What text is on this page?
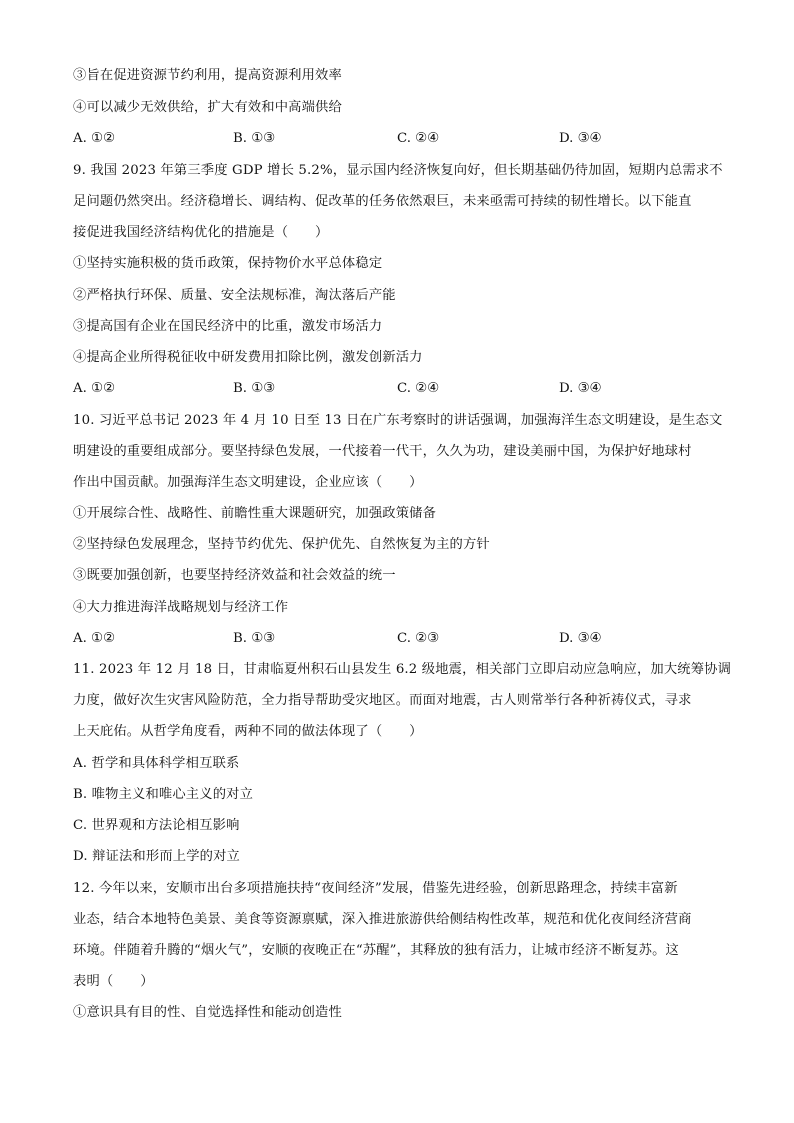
③旨在促进资源节约利用，提高资源利用效率
④可以减少无效供给，扩大有效和中高端供给
A. ①②	B. ①③	C. ②④	D. ③④
9. 我国 2023 年第三季度 GDP 增长 5.2%，显示国内经济恢复向好，但长期基础仍待加固，短期内总需求不
足问题仍然突出。经济稳增长、调结构、促改革的任务依然艰巨，未来亟需可持续的韧性增长。以下能直
接促进我国经济结构优化的措施是（　　）
①坚持实施积极的货币政策，保持物价水平总体稳定
②严格执行环保、质量、安全法规标准，淘汰落后产能
③提高国有企业在国民经济中的比重，激发市场活力
④提高企业所得税征收中研发费用扣除比例，激发创新活力
A. ①②	B. ①③	C. ②④	D. ③④
10. 习近平总书记 2023 年 4 月 10 日至 13 日在广东考察时的讲话强调，加强海洋生态文明建设，是生态文
明建设的重要组成部分。要坚持绿色发展，一代接着一代干，久久为功，建设美丽中国，为保护好地球村
作出中国贡献。加强海洋生态文明建设，企业应该（　　）
①开展综合性、战略性、前瞻性重大课题研究，加强政策储备
②坚持绿色发展理念，坚持节约优先、保护优先、自然恢复为主的方针
③既要加强创新，也要坚持经济效益和社会效益的统一
④大力推进海洋战略规划与经济工作
A. ①②	B. ①③	C. ②③	D. ③④
11. 2023 年 12 月 18 日，甘肃临夏州积石山县发生 6.2 级地震，相关部门立即启动应急响应，加大统筹协调
力度，做好次生灾害风险防范，全力指导帮助受灾地区。而面对地震，古人则常举行各种祈祷仪式，寻求
上天庇佑。从哲学角度看，两种不同的做法体现了（　　）
A. 哲学和具体科学相互联系
B. 唯物主义和唯心主义的对立
C. 世界观和方法论相互影响
D. 辩证法和形而上学的对立
12. 今年以来，安顺市出台多项措施扶持“夜间经济”发展，借鉴先进经验，创新思路理念，持续丰富新
业态，结合本地特色美景、美食等资源禀赋，深入推进旅游供给侧结构性改革，规范和优化夜间经济营商
环境。伴随着升腾的“烟火气”，安顺的夜晚正在“苏醒”，其释放的独有活力，让城市经济不断复苏。这
表明（　　）
①意识具有目的性、自觉选择性和能动创造性
